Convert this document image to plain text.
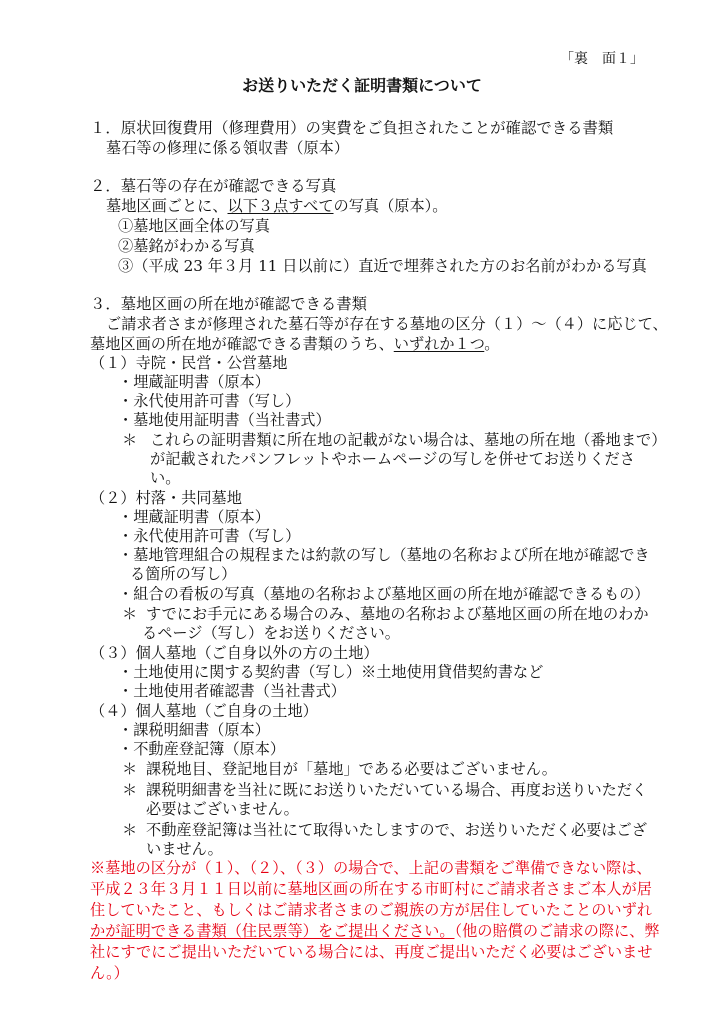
「裏　面１」
お送りいただく証明書類について
１．原状回復費用（修理費用）の実費をご負担されたことが確認できる書類
墓石等の修理に係る領収書（原本）
２．墓石等の存在が確認できる写真
墓地区画ごとに、以下３点すべての写真（原本）。
①墓地区画全体の写真
②墓銘がわかる写真
③（平成 23 年３月 11 日以前に）直近で埋葬された方のお名前がわかる写真
３．墓地区画の所在地が確認できる書類
ご請求者さまが修理された墓石等が存在する墓地の区分（１）～（４）に応じて、
墓地区画の所在地が確認できる書類のうち、いずれか１つ。
（１）寺院・民営・公営墓地
・埋蔵証明書（原本）
・永代使用許可書（写し）
・墓地使用証明書（当社書式）
＊ これらの証明書類に所在地の記載がない場合は、墓地の所在地（番地まで）
が記載されたパンフレットやホームページの写しを併せてお送りくださ
い。
（２）村落・共同墓地
・埋蔵証明書（原本）
・永代使用許可書（写し）
・墓地管理組合の規程または約款の写し（墓地の名称および所在地が確認でき
る箇所の写し）
・組合の看板の写真（墓地の名称および墓地区画の所在地が確認できるもの）
＊ すでにお手元にある場合のみ、墓地の名称および墓地区画の所在地のわか
るページ（写し）をお送りください。
（３）個人墓地（ご自身以外の方の土地）
・土地使用に関する契約書（写し）※土地使用貸借契約書など
・土地使用者確認書（当社書式）
（４）個人墓地（ご自身の土地）
・課税明細書（原本）
・不動産登記簿（原本）
＊ 課税地目、登記地目が「墓地」である必要はございません。
＊ 課税明細書を当社に既にお送りいただいている場合、再度お送りいただく
必要はございません。
＊ 不動産登記簿は当社にて取得いたしますので、お送りいただく必要はござ
いません。
※墓地の区分が（１）、（２）、（３）の場合で、上記の書類をご準備できない際は、
平成２３年３月１１日以前に墓地区画の所在する市町村にご請求者さまご本人が居
住していたこと、もしくはご請求者さまのご親族の方が居住していたことのいずれ
かが証明できる書類（住民票等）をご提出ください。（他の賠償のご請求の際に、弊
社にすでにご提出いただいている場合には、再度ご提出いただく必要はございませ
ん。）
